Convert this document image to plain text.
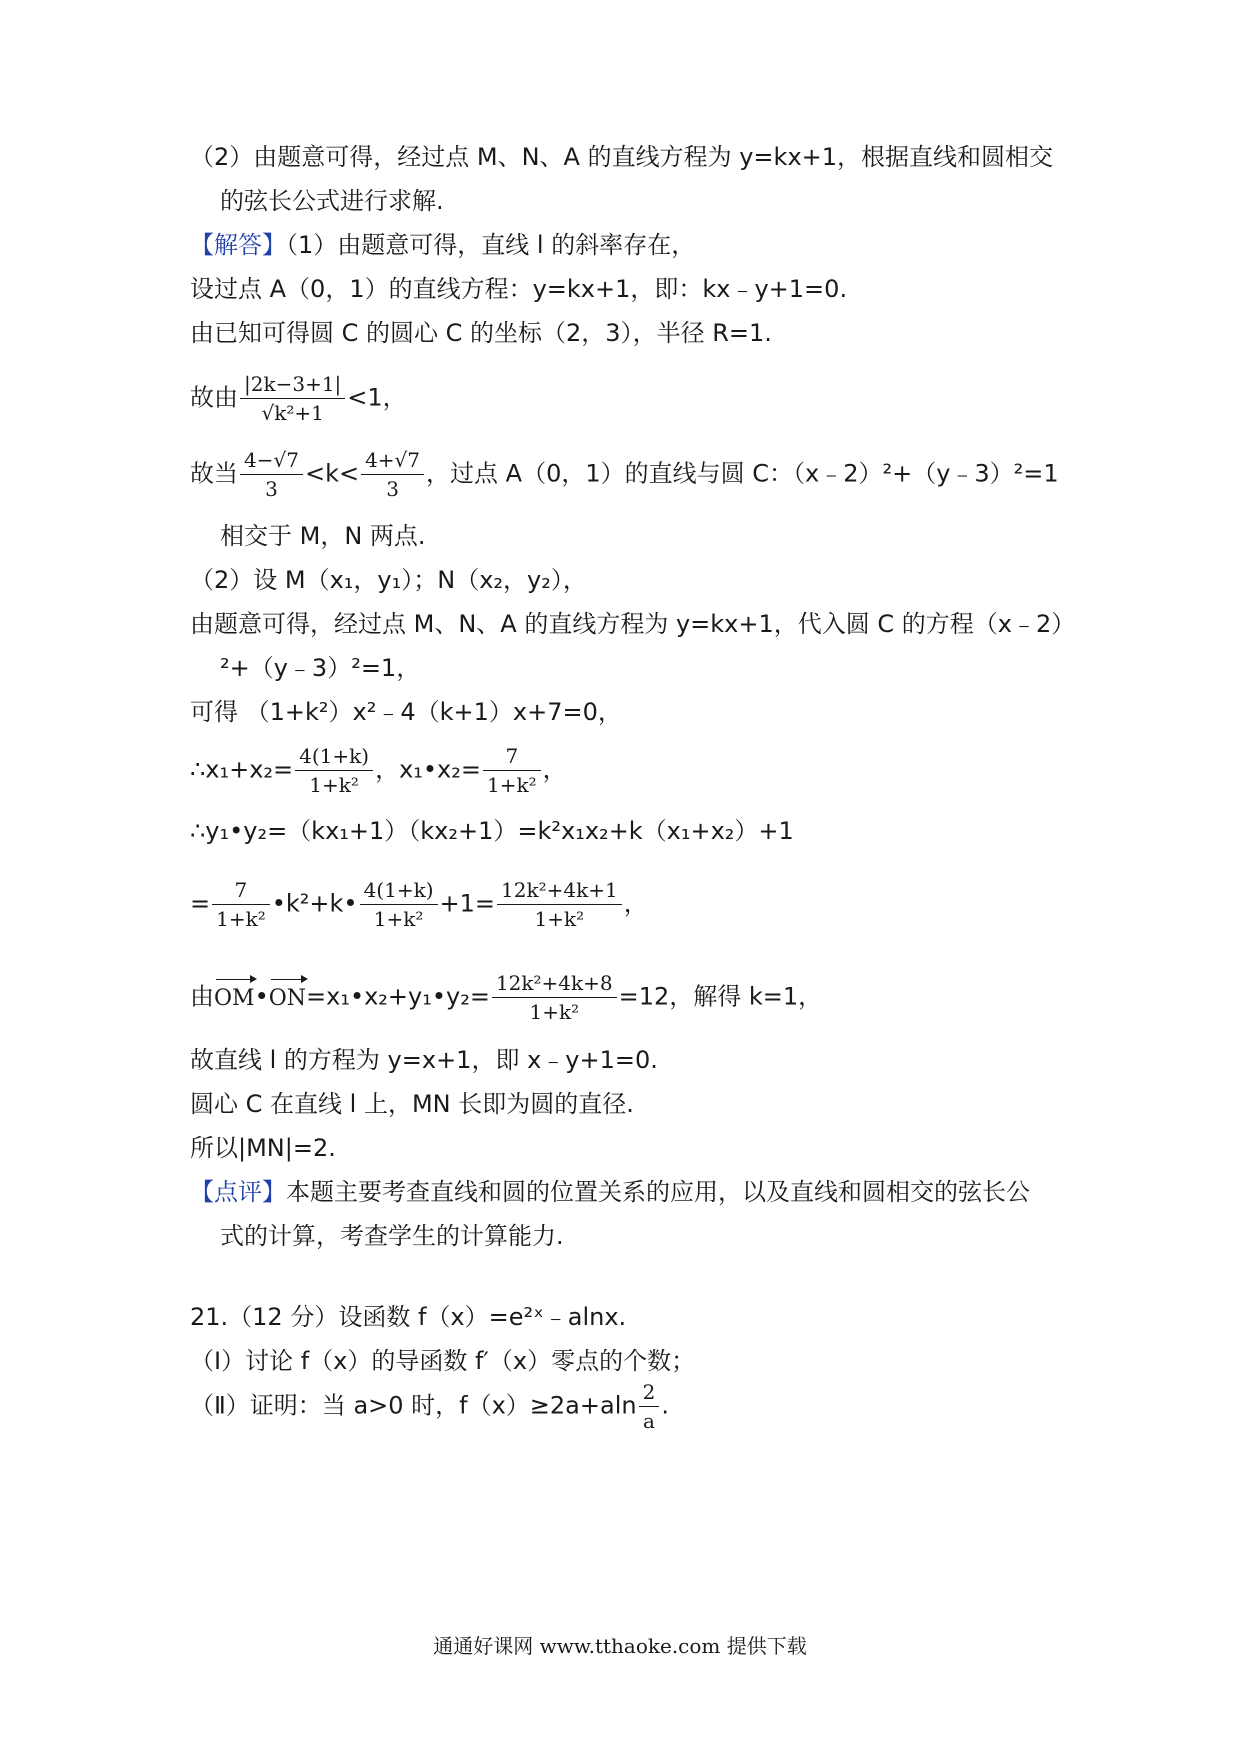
（2）由题意可得，经过点 M、N、A 的直线方程为 y=kx+1，根据直线和圆相交
的弦长公式进行求解.
【解答】（1）由题意可得，直线 l 的斜率存在，
设过点 A（0，1）的直线方程：y=kx+1，即：kx﹣y+1=0.
由已知可得圆 C 的圆心 C 的坐标（2，3），半径 R=1.
故由 $\frac{|2k-3+1|}{\text{√k²+1}} <1$，
故当 $\frac{4-√7}{3} <k< \frac{4+√7}{3}$ ，过点 A（0，1）的直线与圆 C：（x﹣2）²+（y﹣3）²=1
相交于 M，N 两点.
（2）设 M（x₁，y₁）；N（x₂，y₂），
由题意可得，经过点 M、N、A 的直线方程为 y=kx+1，代入圆 C 的方程（x﹣2）
²+（y﹣3）²=1，
可得 （1+k²）x²﹣4（k+1）x+7=0，
∴x₁+x₂= $\frac{4(1+k)}{\text{1+k²}}$ ，x₁•x₂= $\frac{7}{\text{1+k²}}$ ，
∴y₁•y₂=（kx₁+1）（kx₂+1）=k²x₁x₂+k（x₁+x₂）+1
= $\frac{7}{\text{1+k²}}$ •k²+k• $\frac{4(1+k)}{\text{1+k²}} +1= \frac{\text{12k²+4k+1}}{\text{1+k²}}$ ，
由OM•ON=x₁•x₂+y₁•y₂= $\frac{\text{12k²+4k+8}}{\text{1+k²}} =12$，解得 k=1，
故直线 l 的方程为 y=x+1，即 x﹣y+1=0.
圆心 C 在直线 l 上，MN 长即为圆的直径.
所以|MN|=2.
【点评】本题主要考查直线和圆的位置关系的应用，以及直线和圆相交的弦长公
式的计算，考查学生的计算能力.
21.（12 分）设函数 f（x）=e²ˣ﹣alnx.
（Ⅰ）讨论 f（x）的导函数 f′（x）零点的个数；
（Ⅱ）证明：当 a>0 时，$f(x)\ge 2a+aln \frac{2}{a}$ .
通通好课网 www.tthaoke.com 提供下载
